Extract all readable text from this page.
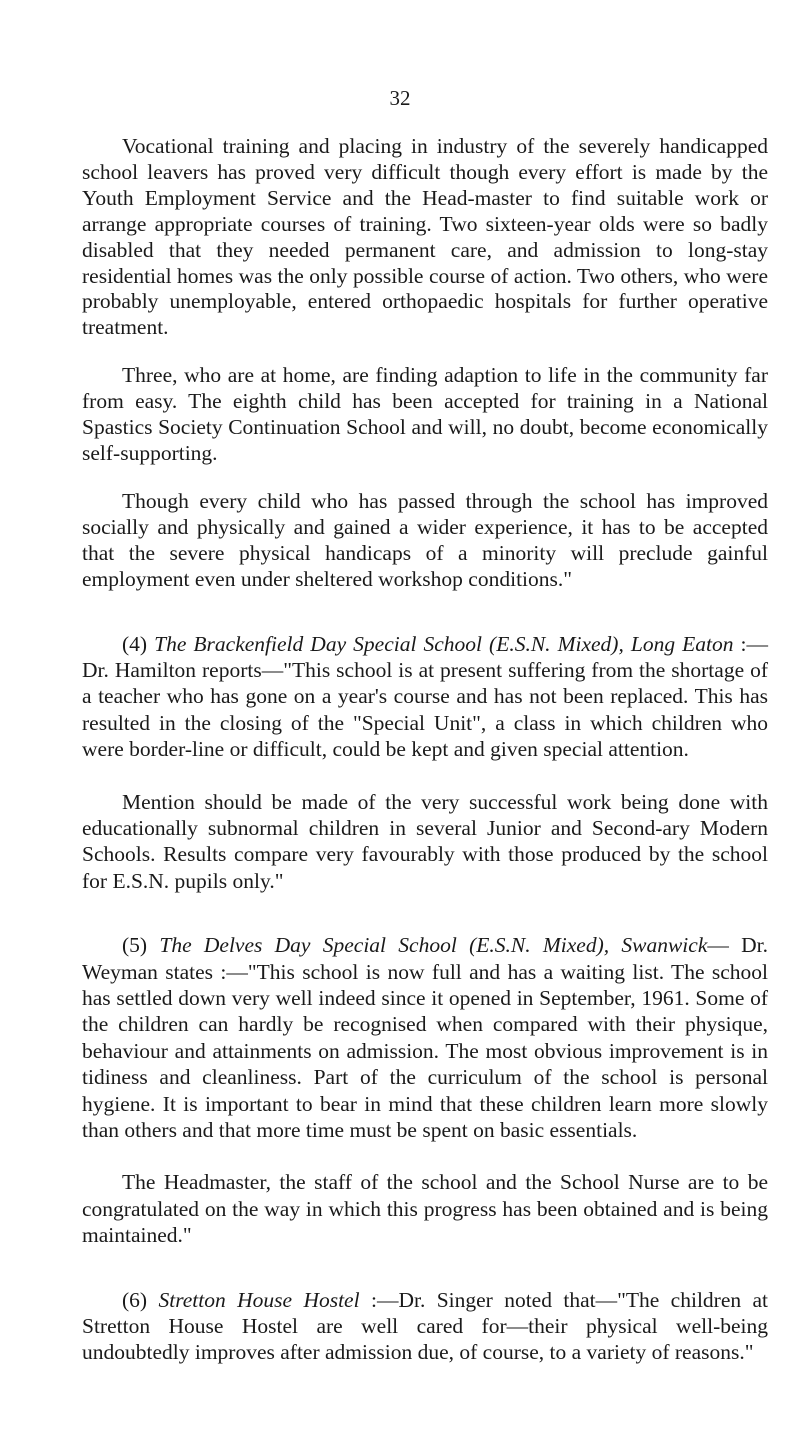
32

Vocational training and placing in industry of the severely handicapped school leavers has proved very difficult though every effort is made by the Youth Employment Service and the Head-master to find suitable work or arrange appropriate courses of training. Two sixteen-year olds were so badly disabled that they needed permanent care, and admission to long-stay residential homes was the only possible course of action. Two others, who were probably unemployable, entered orthopaedic hospitals for further operative treatment.

Three, who are at home, are finding adaption to life in the community far from easy. The eighth child has been accepted for training in a National Spastics Society Continuation School and will, no doubt, become economically self-supporting.

Though every child who has passed through the school has improved socially and physically and gained a wider experience, it has to be accepted that the severe physical handicaps of a minority will preclude gainful employment even under sheltered workshop conditions."

(4) The Brackenfield Day Special School (E.S.N. Mixed), Long Eaton :—Dr. Hamilton reports—"This school is at present suffering from the shortage of a teacher who has gone on a year's course and has not been replaced. This has resulted in the closing of the "Special Unit", a class in which children who were border-line or difficult, could be kept and given special attention.

Mention should be made of the very successful work being done with educationally subnormal children in several Junior and Second-ary Modern Schools. Results compare very favourably with those produced by the school for E.S.N. pupils only."

(5) The Delves Day Special School (E.S.N. Mixed), Swanwick— Dr. Weyman states :—"This school is now full and has a waiting list. The school has settled down very well indeed since it opened in September, 1961. Some of the children can hardly be recognised when compared with their physique, behaviour and attainments on admission. The most obvious improvement is in tidiness and cleanliness. Part of the curriculum of the school is personal hygiene. It is important to bear in mind that these children learn more slowly than others and that more time must be spent on basic essentials.

The Headmaster, the staff of the school and the School Nurse are to be congratulated on the way in which this progress has been obtained and is being maintained."

(6) Stretton House Hostel :—Dr. Singer noted that—"The children at Stretton House Hostel are well cared for—their physical well-being undoubtedly improves after admission due, of course, to a variety of reasons."
